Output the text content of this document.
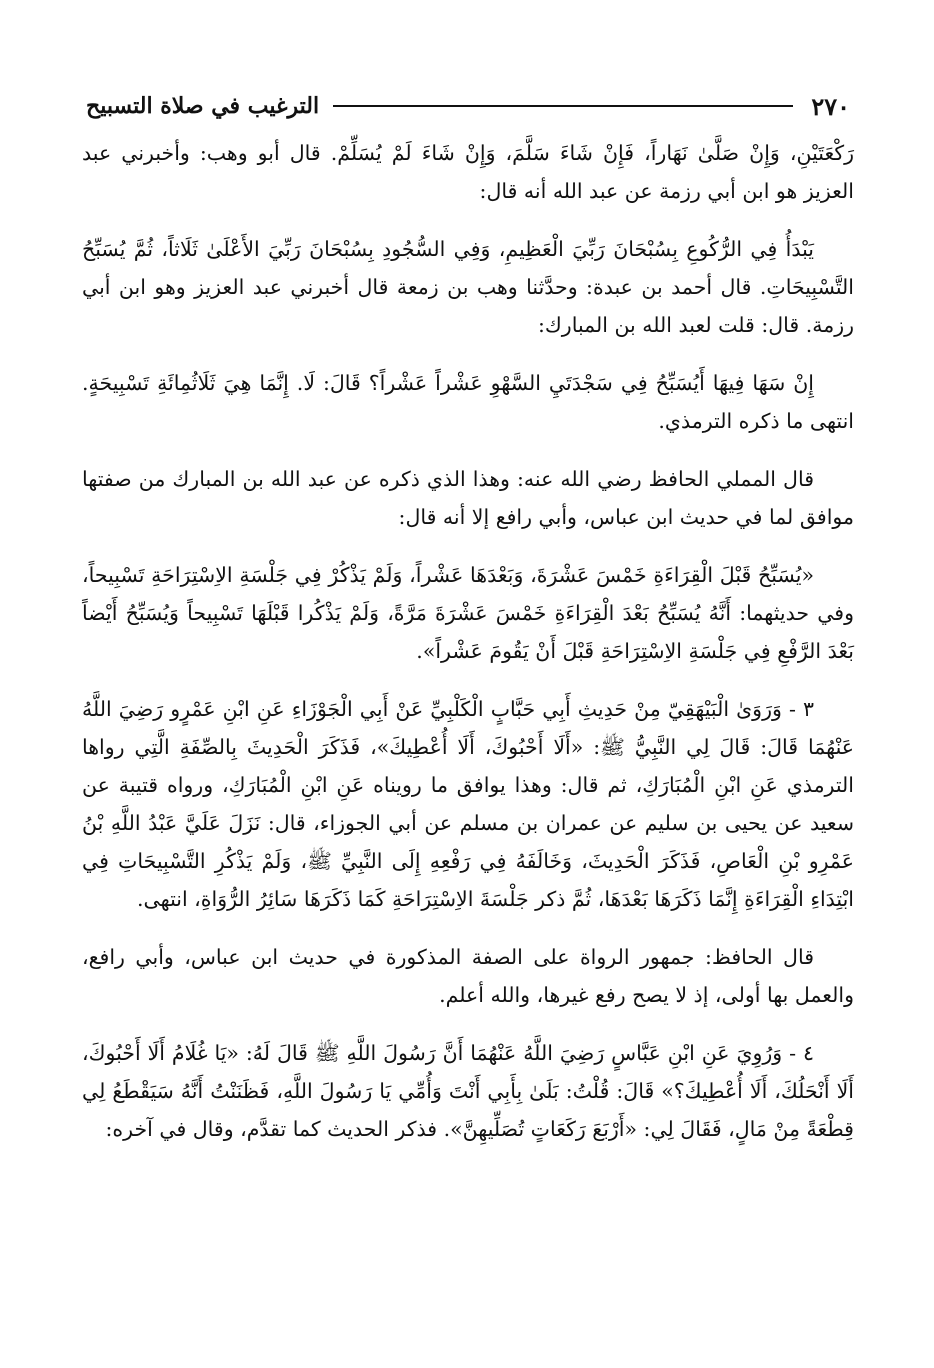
٢٧٠
الترغيب في صلاة التسبيح

رَكْعَتَيْنِ، وَإِنْ صَلَّىٰ نَهَاراً، فَإِنْ شَاءَ سَلَّمَ، وَإِنْ شَاءَ لَمْ يُسَلِّمْ. قال أبو وهب: وأخبرني عبد العزيز هو ابن أبي رزمة عن عبد الله أنه قال:

يَبْدَأُ فِي الرُّكُوعِ بِسُبْحَانَ رَبِّيَ الْعَظِيمِ، وَفِي السُّجُودِ بِسُبْحَانَ رَبِّيَ الأَعْلَىٰ ثَلَاثاً، ثُمَّ يُسَبِّحُ التَّسْبِيحَاتِ. قال أحمد بن عبدة: وحدَّثنا وهب بن زمعة قال أخبرني عبد العزيز وهو ابن أبي رزمة. قال: قلت لعبد الله بن المبارك:

إِنْ سَهَا فِيهَا أَيُسَبِّحُ فِي سَجْدَتَيِ السَّهْوِ عَشْراً عَشْراً؟ قَالَ: لَا. إِنَّمَا هِيَ ثَلَاثُمِائَةِ تَسْبِيحَةٍ. انتهى ما ذكره الترمذي.

قال المملي الحافظ رضي الله عنه: وهذا الذي ذكره عن عبد الله بن المبارك من صفتها موافق لما في حديث ابن عباس، وأبي رافع إلا أنه قال:

«يُسَبِّحُ قَبْلَ الْقِرَاءَةِ خَمْسَ عَشْرَةَ، وَبَعْدَهَا عَشْراً، وَلَمْ يَذْكُرْ فِي جَلْسَةِ الاِسْتِرَاحَةِ تَسْبِيحاً، وفي حديثهما: أَنَّهُ يُسَبِّحُ بَعْدَ الْقِرَاءَةِ خَمْسَ عَشْرَةَ مَرَّةً، وَلَمْ يَذْكُرا قَبْلَهَا تَسْبِيحاً وَيُسَبِّحُ أَيْضاً بَعْدَ الرَّفْعِ فِي جَلْسَةِ الاِسْتِرَاحَةِ قَبْلَ أَنْ يَقُومَ عَشْراً».

٣ - وَرَوَىٰ الْبَيْهَقِيّ مِنْ حَدِيثِ أَبِي حَبَّابٍ الْكَلْبِيِّ عَنْ أَبِي الْجَوْزَاءِ عَنِ ابْنِ عَمْرٍو رَضِيَ اللَّهُ عَنْهُمَا قَالَ: قَالَ لِي النَّبِيُّ ﷺ: «أَلَا أَحْبُوكَ، أَلَا أُعْطِيكَ»، فَذَكَرَ الْحَدِيثَ بِالصِّفَةِ الَّتِي رواها الترمذي عَنِ ابْنِ الْمُبَارَكِ، ثم قال: وهذا يوافق ما رويناه عَنِ ابْنِ الْمُبَارَكِ، ورواه قتيبة عن سعيد عن يحيى بن سليم عن عمران بن مسلم عن أبي الجوزاء، قال: نَزَلَ عَلَيَّ عَبْدُ اللَّهِ بْنُ عَمْرِو بْنِ الْعَاصِ، فَذَكَرَ الْحَدِيثَ، وَخَالَفَهُ فِي رَفْعِهِ إِلَى النَّبِيِّ ﷺ، وَلَمْ يَذْكُرِ التَّسْبِيحَاتِ فِي ابْتِدَاءِ الْقِرَاءَةِ إِنَّمَا ذَكَرَهَا بَعْدَهَا، ثُمَّ ذكر جَلْسَةَ الاِسْتِرَاحَةِ كَمَا ذَكَرَهَا سَائِرُ الرُّوَاةِ، انتهى.

قال الحافظ: جمهور الرواة على الصفة المذكورة في حديث ابن عباس، وأبي رافع، والعمل بها أولى، إذ لا يصح رفع غيرها، والله أعلم.

٤ - وَرُوِيَ عَنِ ابْنِ عَبَّاسٍ رَضِيَ اللَّهُ عَنْهُمَا أَنَّ رَسُولَ اللَّهِ ﷺ قَالَ لَهُ: «يَا غُلَامُ أَلَا أَحْبُوكَ، أَلَا أَنْحَلُكَ، أَلَا أُعْطِيكَ؟» قَالَ: قُلْتُ: بَلَىٰ بِأَبِي أَنْتَ وَأُمِّي يَا رَسُولَ اللَّهِ، فَظَنَنْتُ أَنَّهُ سَيَقْطَعُ لِي قِطْعَةً مِنْ مَالٍ، فَقَالَ لِي: «أَرْبَعَ رَكَعَاتٍ تُصَلِّيهِنَّ». فذكر الحديث كما تقدَّم، وقال في آخره:
